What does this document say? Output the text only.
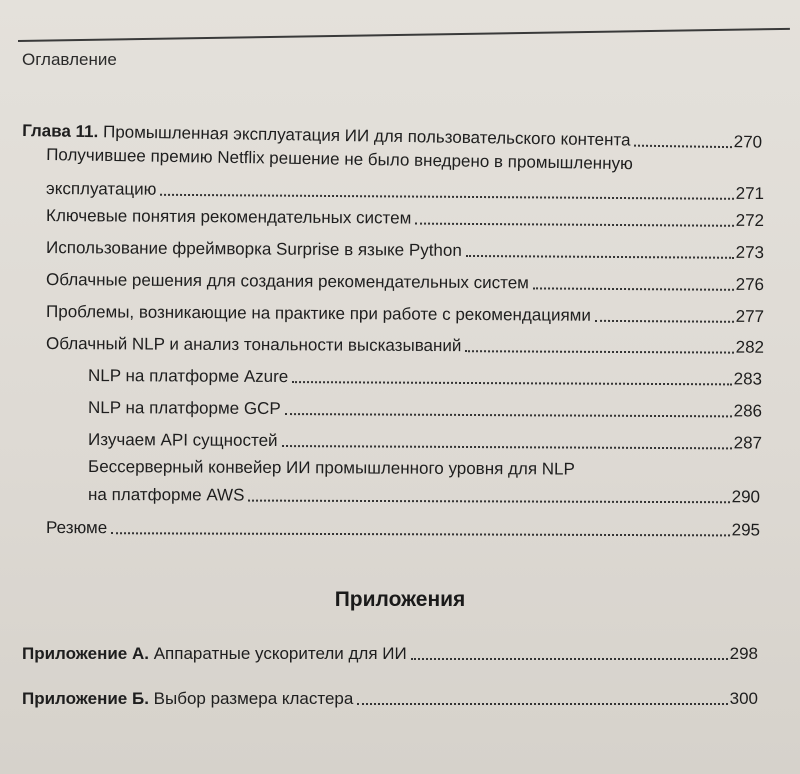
Оглавление
Глава 11. Промышленная эксплуатация ИИ для пользовательского контента	270
Получившее премию Netflix решение не было внедрено в промышленную
эксплуатацию	271
Ключевые понятия рекомендательных систем	272
Использование фреймворка Surprise в языке Python	273
Облачные решения для создания рекомендательных систем	276
Проблемы, возникающие на практике при работе с рекомендациями	277
Облачный NLP и анализ тональности высказываний	282
NLP на платформе Azure	283
NLP на платформе GCP	286
Изучаем API сущностей	287
Бессерверный конвейер ИИ промышленного уровня для NLP
на платформе AWS	290
Резюме	295
Приложения
Приложение А. Аппаратные ускорители для ИИ	298
Приложение Б. Выбор размера кластера	300
